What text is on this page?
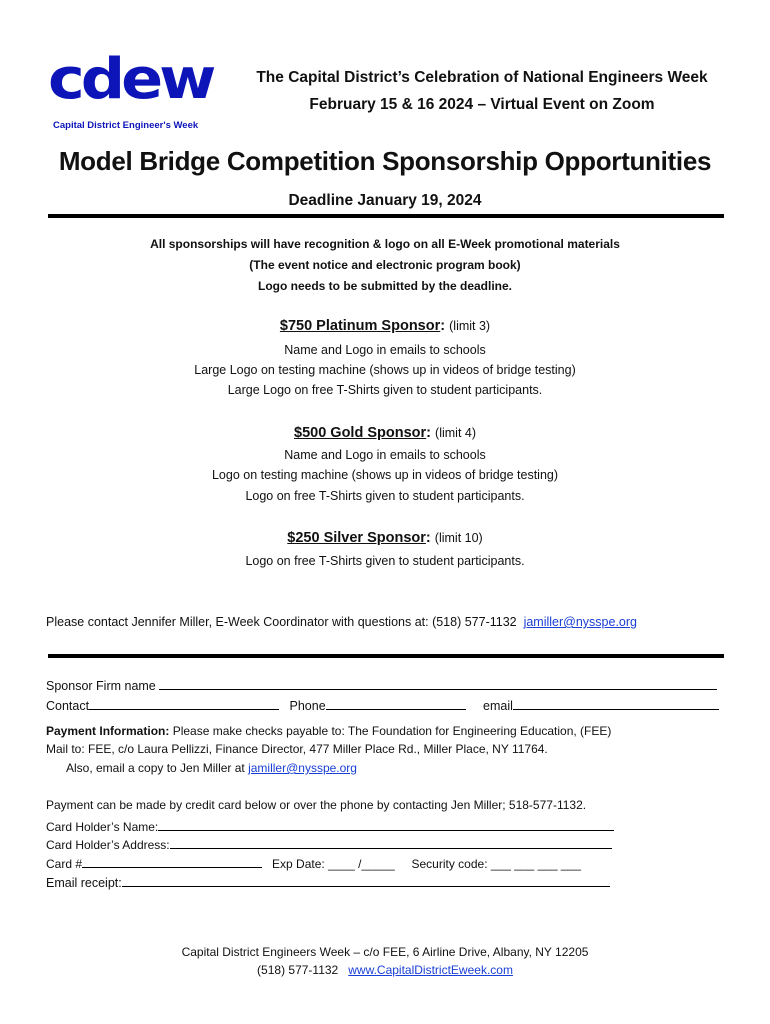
cdew
Capital District Engineer's Week
The Capital District’s Celebration of National Engineers Week
February 15 & 16 2024 – Virtual Event on Zoom
Model Bridge Competition Sponsorship Opportunities
Deadline January 19, 2024
All sponsorships will have recognition & logo on all E-Week promotional materials
(The event notice and electronic program book)
Logo needs to be submitted by the deadline.
$750 Platinum Sponsor: (limit 3)
Name and Logo in emails to schools
Large Logo on testing machine (shows up in videos of bridge testing)
Large Logo on free T-Shirts given to student participants.
$500 Gold Sponsor: (limit 4)
Name and Logo in emails to schools
Logo on testing machine (shows up in videos of bridge testing)
Logo on free T-Shirts given to student participants.
$250 Silver Sponsor: (limit 10)
Logo on free T-Shirts given to student participants.
Please contact Jennifer Miller, E-Week Coordinator with questions at: (518) 577-1132 jamiller@nysspe.org
Sponsor Firm name
Contact	Phone	email
Payment Information: Please make checks payable to: The Foundation for Engineering Education, (FEE)
Mail to: FEE, c/o Laura Pellizzi, Finance Director, 477 Miller Place Rd., Miller Place, NY 11764.
Also, email a copy to Jen Miller at jamiller@nysspe.org
Payment can be made by credit card below or over the phone by contacting Jen Miller; 518-577-1132.
Card Holder’s Name:
Card Holder’s Address:
Card #	Exp Date: ____ /_____ Security code: ___ ___ ___ ___
Email receipt:
Capital District Engineers Week – c/o FEE, 6 Airline Drive, Albany, NY 12205
(518) 577-1132 www.CapitalDistrictEweek.com
